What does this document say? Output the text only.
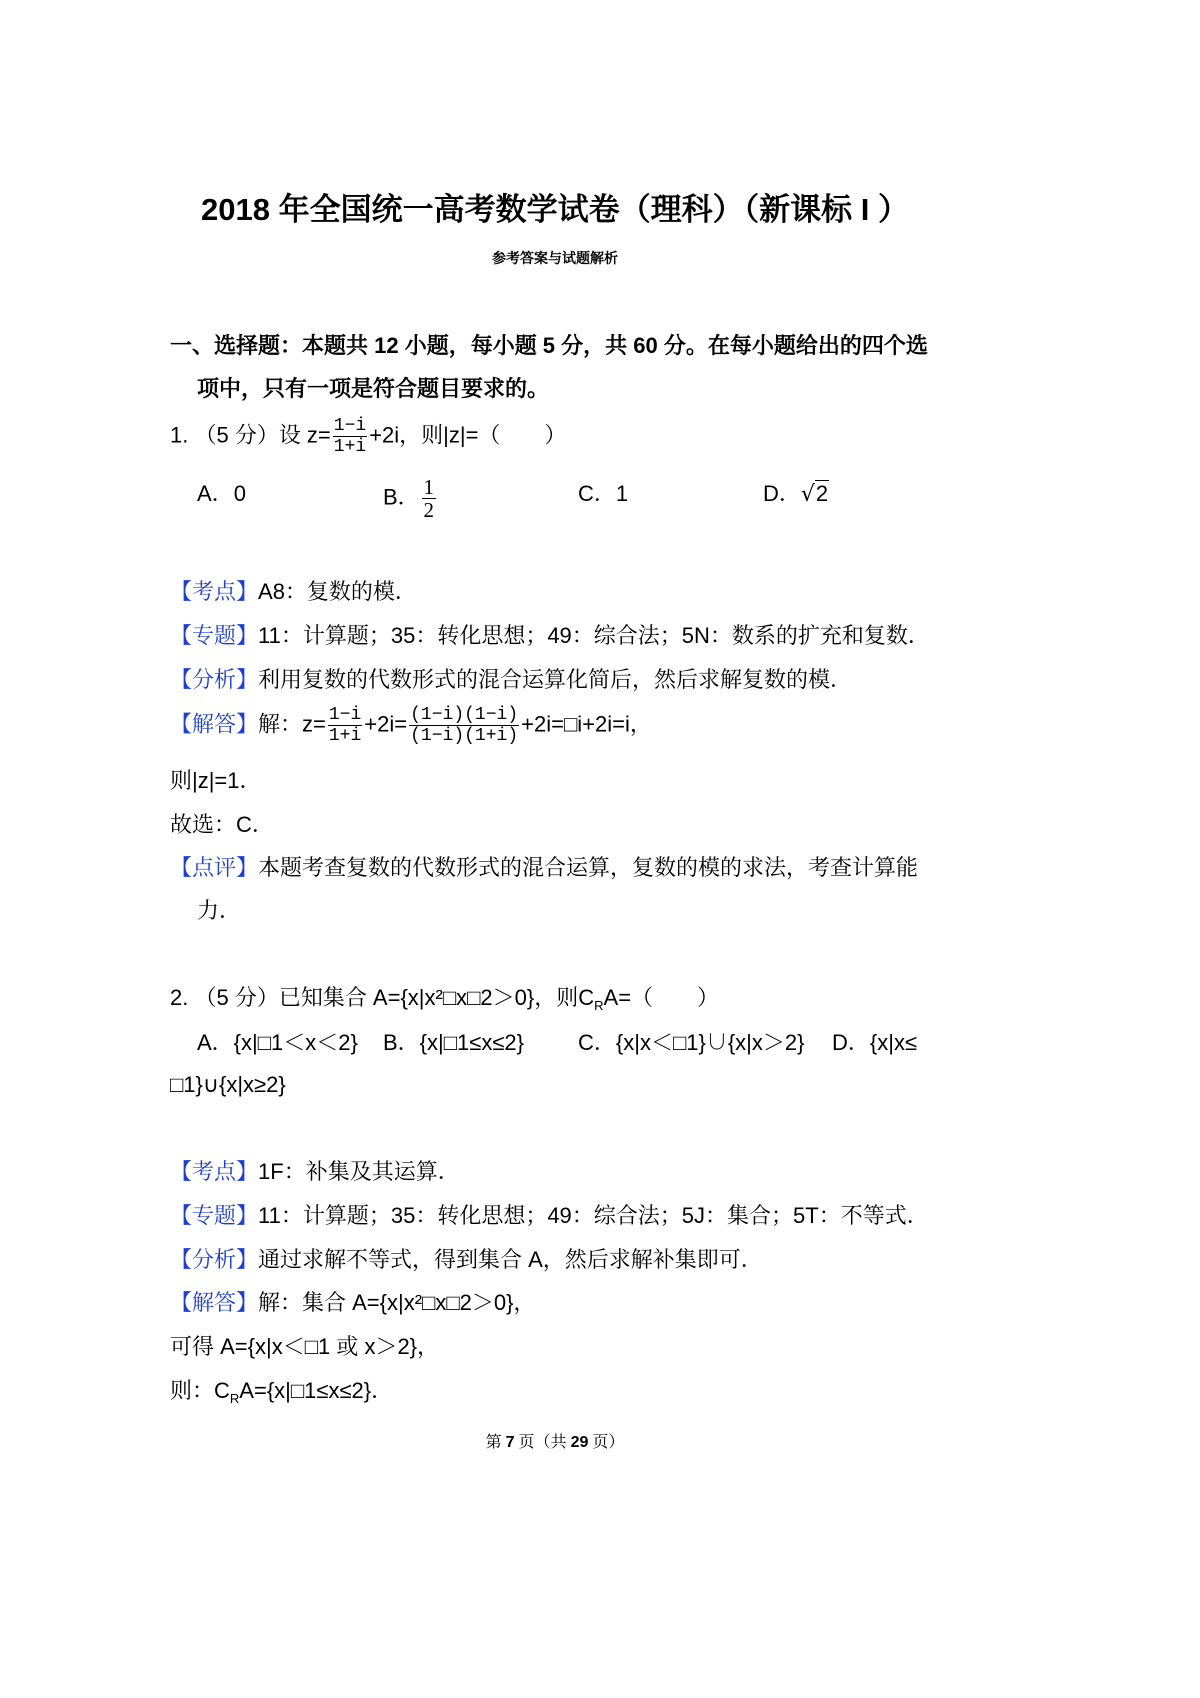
2018 年全国统一高考数学试卷（理科）（新课标 I ）
参考答案与试题解析
一、选择题：本题共 12 小题，每小题 5 分，共 60 分。在每小题给出的四个选
项中，只有一项是符合题目要求的。
1. （5 分）设 $z= \frac{1-i}{1+i} +2i$，则|z|=（　　）
A．0	B． $\frac{1}{2}$	C．1	D．√2
【考点】A8：复数的模．
【专题】11：计算题；35：转化思想；49：综合法；5N：数系的扩充和复数．
【分析】利用复数的代数形式的混合运算化简后，然后求解复数的模．
【解答】解：$z= \frac{1-i}{1+i} +2i= \frac{(1-i)(1-i)}{(1-i)(1+i)}$ +2i=□i+2i=i，
则|z|=1．
故选：C．
【点评】本题考查复数的代数形式的混合运算，复数的模的求法，考查计算能
力．
2. （5 分）已知集合 A={x|x²□x□2＞0}，则$C_RA=$（　　）
A．{x|□1＜x＜2} B．{x|□1≤x≤2} C．{x|x＜□1}∪{x|x＞2} D．{x|x≤
□1}∪{x|x≥2}
【考点】1F：补集及其运算．
【专题】11：计算题；35：转化思想；49：综合法；5J：集合；5T：不等式．
【分析】通过求解不等式，得到集合 A，然后求解补集即可．
【解答】解：集合 A={x|x²□x□2＞0}，
可得 A={x|x＜□1 或 x＞2}，
则：$C_RA=\{x|□1\le x\le 2\}$．
第 7 页（共 29 页）
